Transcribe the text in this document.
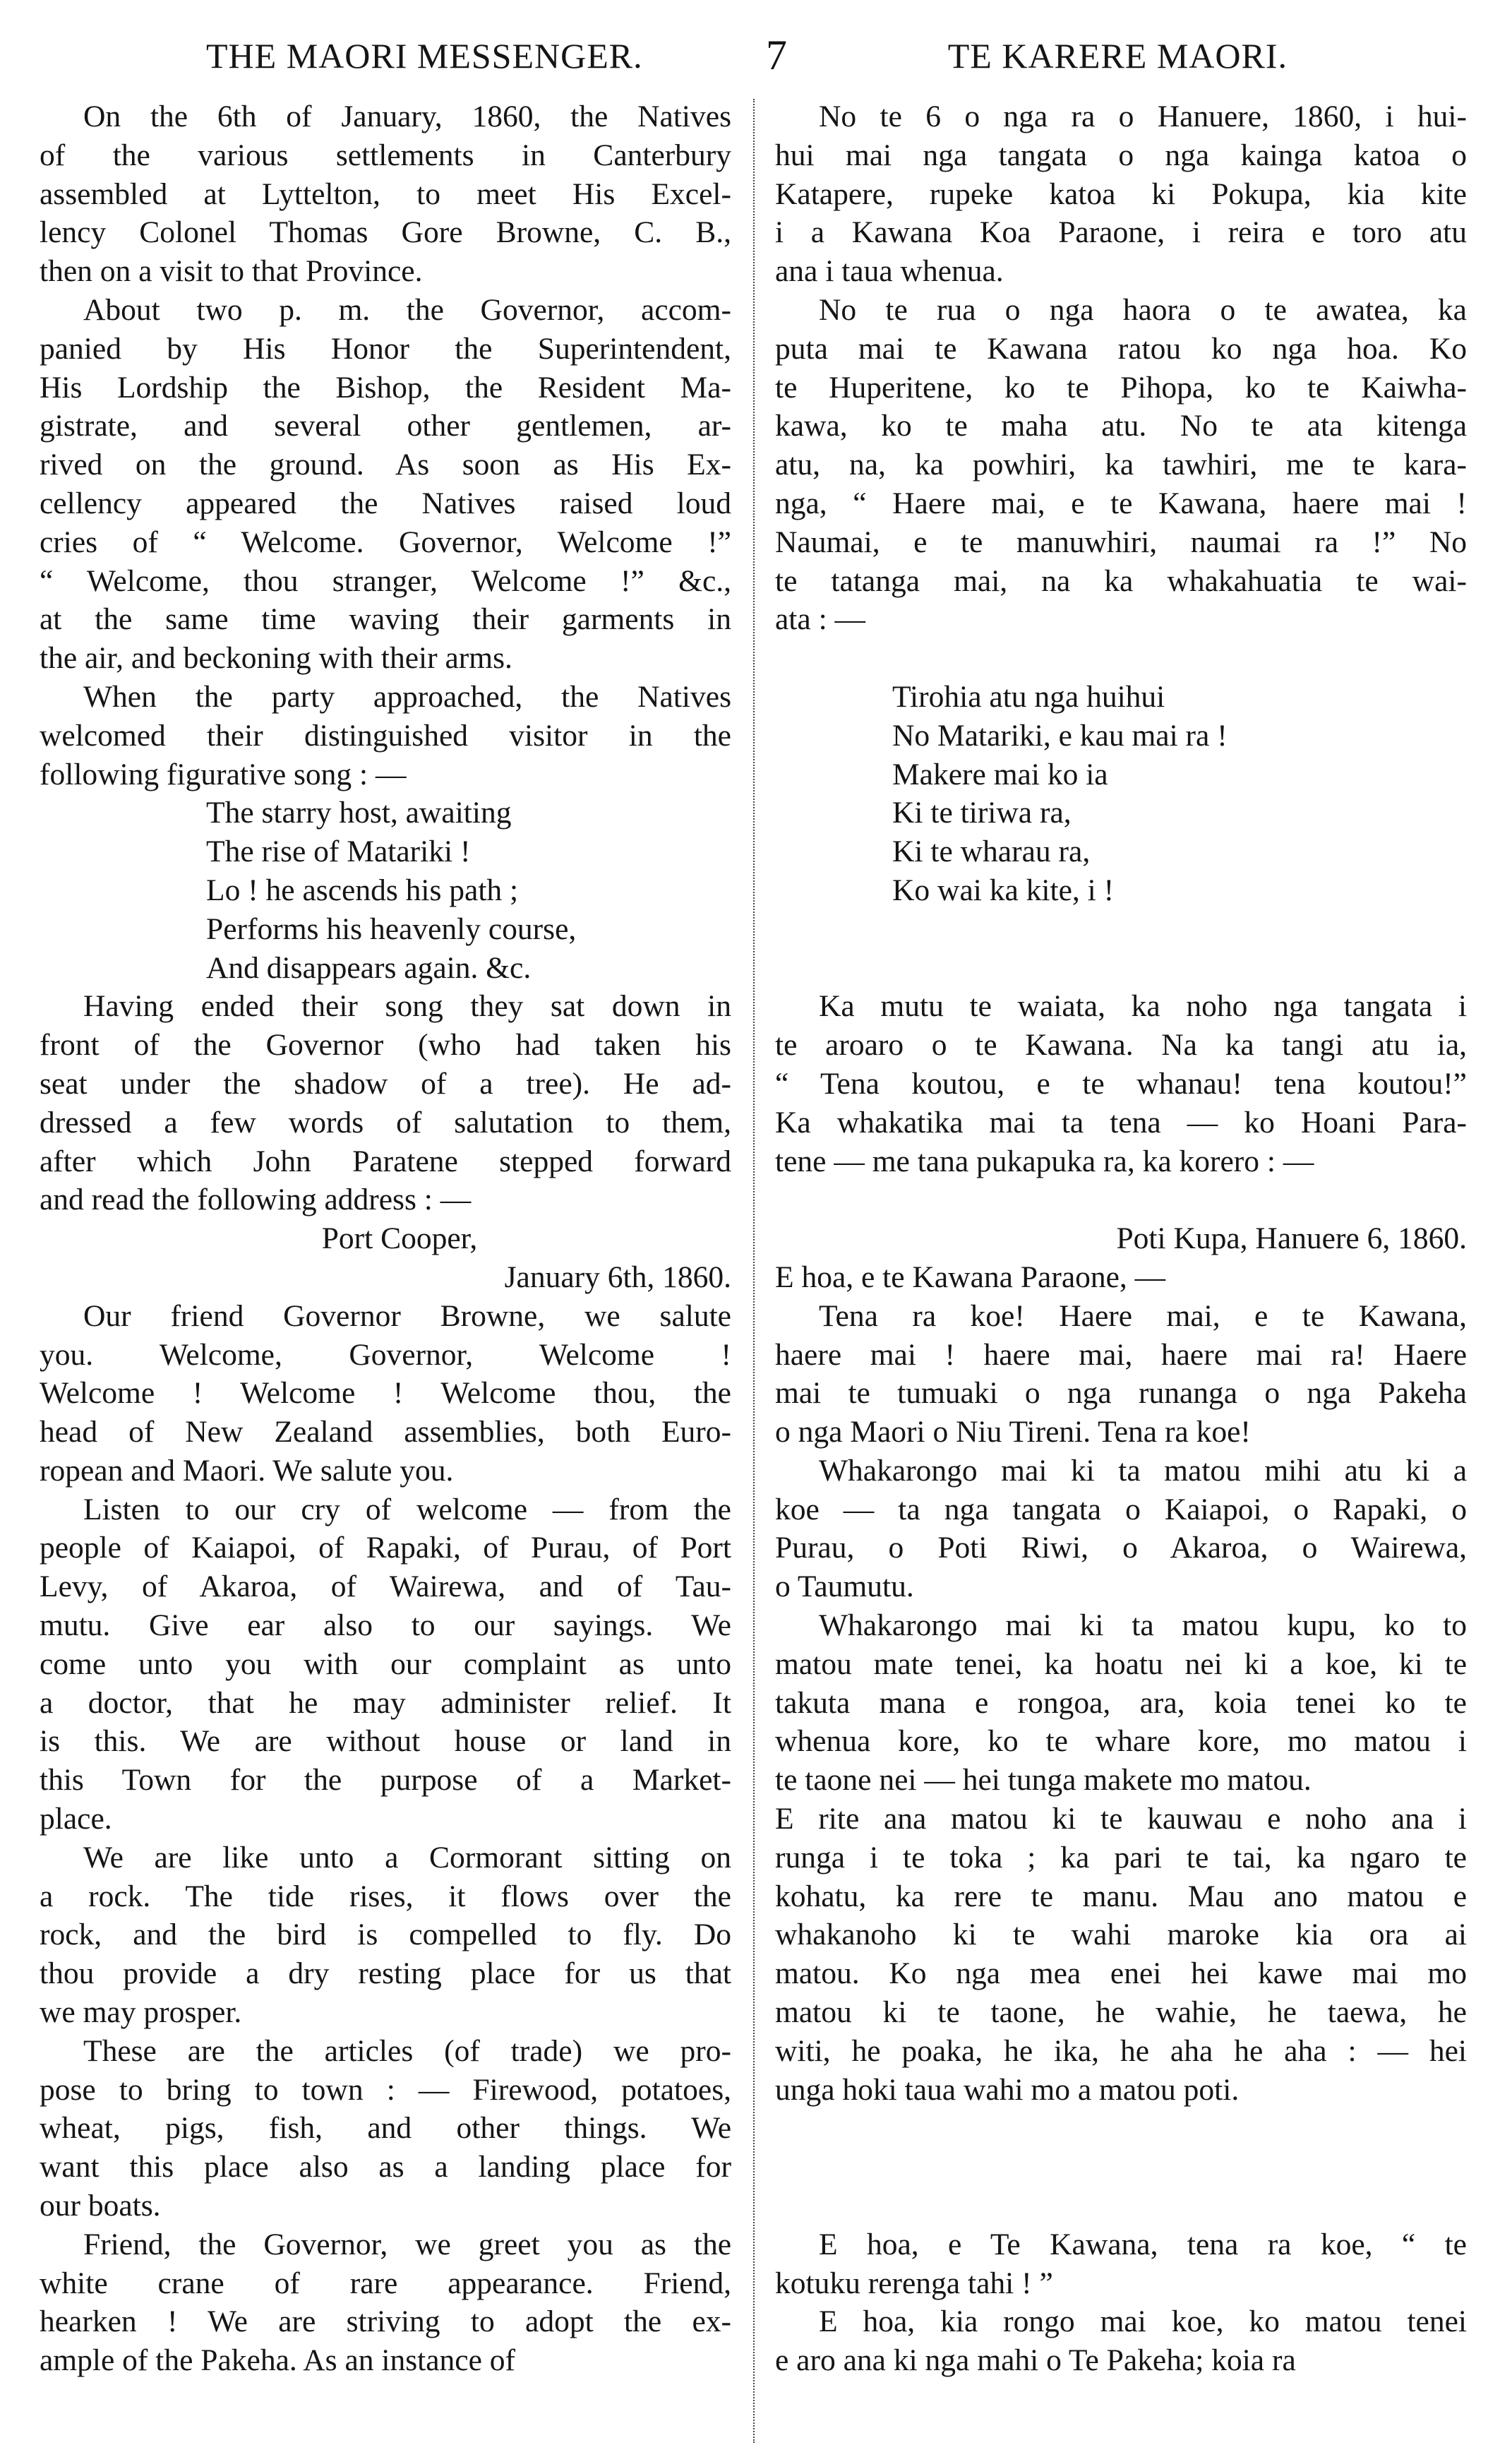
THE MAORI MESSENGER.	7	TE KARERE MAORI.
On the 6th of January, 1860, the Natives
of the various settlements in Canterbury
assembled at Lyttelton, to meet His Excel-
lency Colonel Thomas Gore Browne, C. B.,
then on a visit to that Province.
About two p. m. the Governor, accom-
panied by His Honor the Superintendent,
His Lordship the Bishop, the Resident Ma-
gistrate, and several other gentlemen, ar-
rived on the ground. As soon as His Ex-
cellency appeared the Natives raised loud
cries of “ Welcome. Governor, Welcome !”
“ Welcome, thou stranger, Welcome !” &c.,
at the same time waving their garments in
the air, and beckoning with their arms.
When the party approached, the Natives
welcomed their distinguished visitor in the
following figurative song : —
The starry host, awaiting
The rise of Matariki !
Lo ! he ascends his path ;
Performs his heavenly course,
And disappears again. &c.
Having ended their song they sat down in
front of the Governor (who had taken his
seat under the shadow of a tree). He ad-
dressed a few words of salutation to them,
after which John Paratene stepped forward
and read the following address : —
Port Cooper,
January 6th, 1860.
Our friend Governor Browne, we salute
you. Welcome, Governor, Welcome !
Welcome ! Welcome ! Welcome thou, the
head of New Zealand assemblies, both Euro-
ropean and Maori. We salute you.
Listen to our cry of welcome — from the
people of Kaiapoi, of Rapaki, of Purau, of Port
Levy, of Akaroa, of Wairewa, and of Tau-
mutu. Give ear also to our sayings. We
come unto you with our complaint as unto
a doctor, that he may administer relief. It
is this. We are without house or land in
this Town for the purpose of a Market-
place.
We are like unto a Cormorant sitting on
a rock. The tide rises, it flows over the
rock, and the bird is compelled to fly. Do
thou provide a dry resting place for us that
we may prosper.
These are the articles (of trade) we pro-
pose to bring to town : — Firewood, potatoes,
wheat, pigs, fish, and other things. We
want this place also as a landing place for
our boats.
Friend, the Governor, we greet you as the
white crane of rare appearance. Friend,
hearken ! We are striving to adopt the ex-
ample of the Pakeha. As an instance of
No te 6 o nga ra o Hanuere, 1860, i hui-
hui mai nga tangata o nga kainga katoa o
Katapere, rupeke katoa ki Pokupa, kia kite
i a Kawana Koa Paraone, i reira e toro atu
ana i taua whenua.
No te rua o nga haora o te awatea, ka
puta mai te Kawana ratou ko nga hoa. Ko
te Huperitene, ko te Pihopa, ko te Kaiwha-
kawa, ko te maha atu. No te ata kitenga
atu, na, ka powhiri, ka tawhiri, me te kara-
nga, “ Haere mai, e te Kawana, haere mai !
Naumai, e te manuwhiri, naumai ra !” No
te tatanga mai, na ka whakahuatia te wai-
ata : —
Tirohia atu nga huihui
No Matariki, e kau mai ra !
Makere mai ko ia
Ki te tiriwa ra,
Ki te wharau ra,
Ko wai ka kite, i !
Ka mutu te waiata, ka noho nga tangata i
te aroaro o te Kawana. Na ka tangi atu ia,
“ Tena koutou, e te whanau! tena koutou!”
Ka whakatika mai ta tena — ko Hoani Para-
tene — me tana pukapuka ra, ka korero : —
Poti Kupa, Hanuere 6, 1860.
E hoa, e te Kawana Paraone, —
Tena ra koe! Haere mai, e te Kawana,
haere mai ! haere mai, haere mai ra! Haere
mai te tumuaki o nga runanga o nga Pakeha
o nga Maori o Niu Tireni. Tena ra koe!
Whakarongo mai ki ta matou mihi atu ki a
koe — ta nga tangata o Kaiapoi, o Rapaki, o
Purau, o Poti Riwi, o Akaroa, o Wairewa,
o Taumutu.
Whakarongo mai ki ta matou kupu, ko to
matou mate tenei, ka hoatu nei ki a koe, ki te
takuta mana e rongoa, ara, koia tenei ko te
whenua kore, ko te whare kore, mo matou i
te taone nei — hei tunga makete mo matou.
E rite ana matou ki te kauwau e noho ana i
runga i te toka ; ka pari te tai, ka ngaro te
kohatu, ka rere te manu. Mau ano matou e
whakanoho ki te wahi maroke kia ora ai
matou. Ko nga mea enei hei kawe mai mo
matou ki te taone, he wahie, he taewa, he
witi, he poaka, he ika, he aha he aha : — hei
unga hoki taua wahi mo a matou poti.
E hoa, e Te Kawana, tena ra koe, “ te
kotuku rerenga tahi ! ”
E hoa, kia rongo mai koe, ko matou tenei
e aro ana ki nga mahi o Te Pakeha; koia ra
